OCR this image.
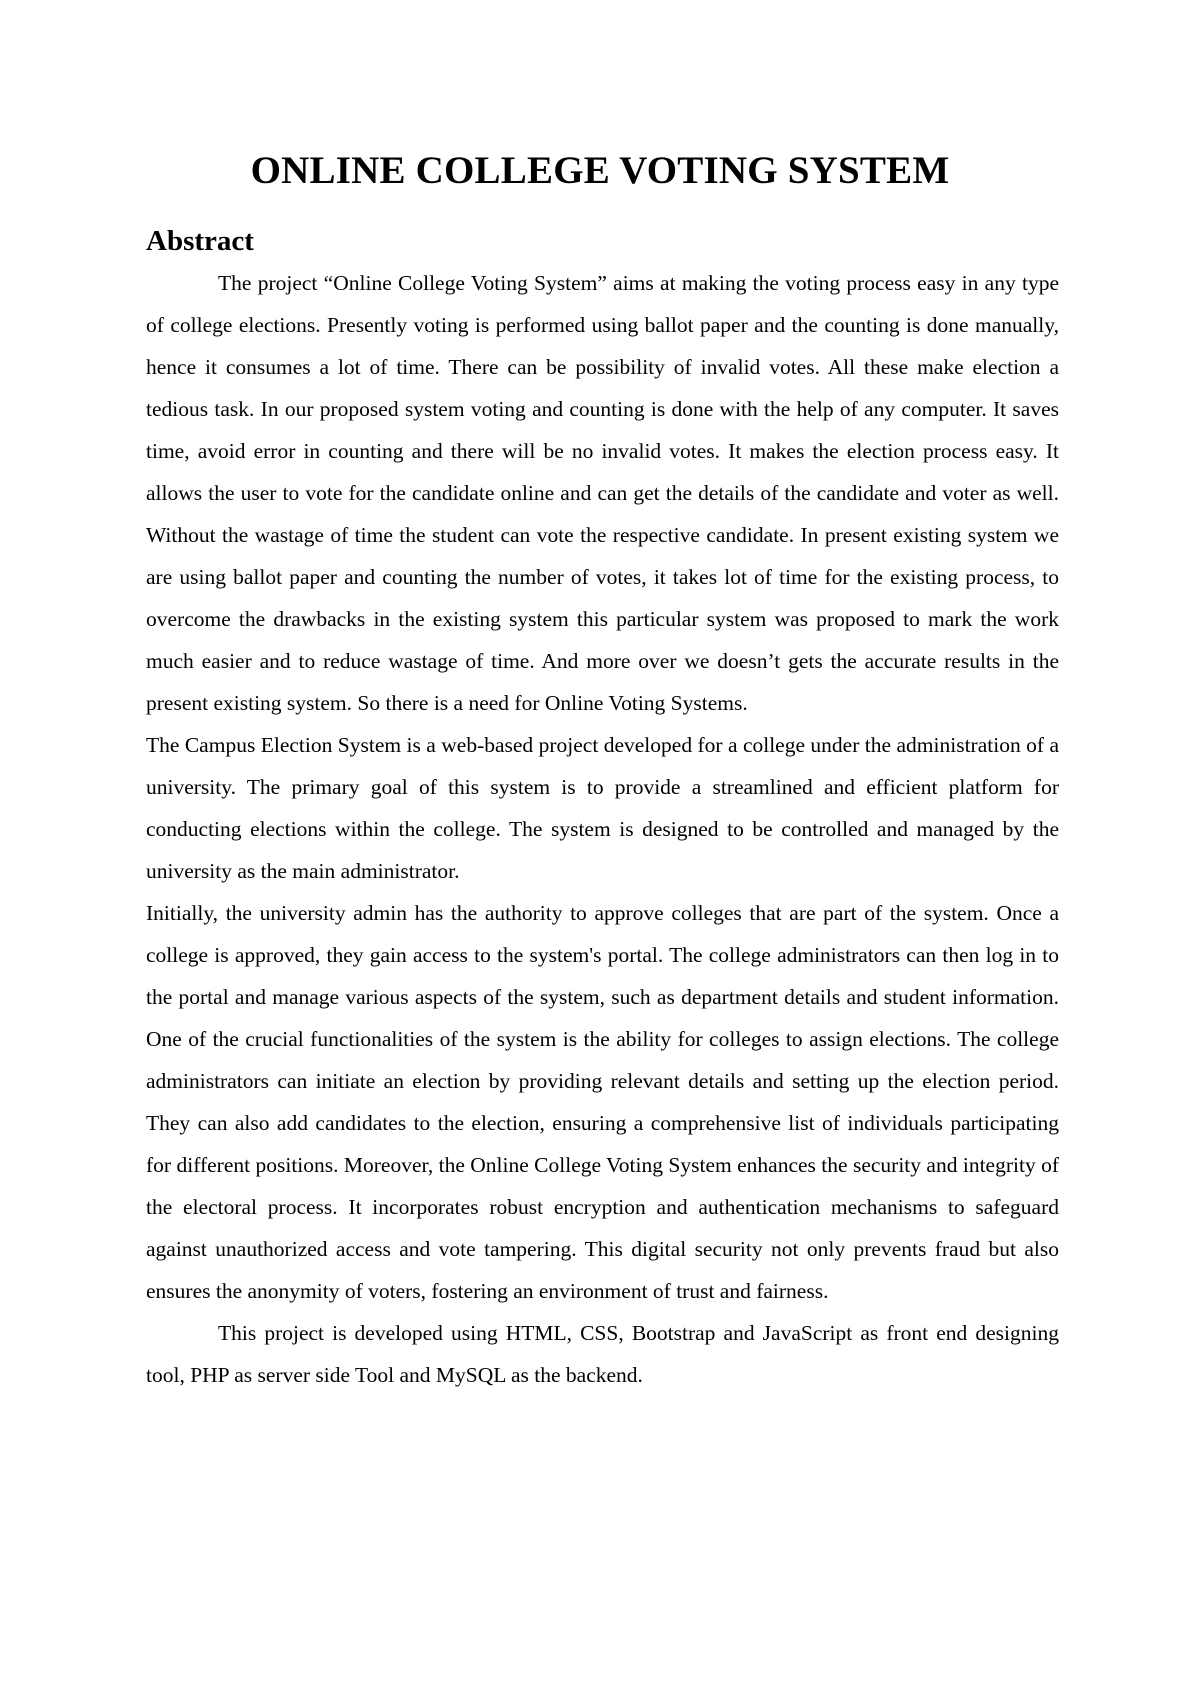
ONLINE COLLEGE VOTING SYSTEM
Abstract

The project “Online College Voting System” aims at making the voting process easy in any type of college elections. Presently voting is performed using ballot paper and the counting is done manually, hence it consumes a lot of time. There can be possibility of invalid votes. All these make election a tedious task. In our proposed system voting and counting is done with the help of any computer. It saves time, avoid error in counting and there will be no invalid votes. It makes the election process easy. It allows the user to vote for the candidate online and can get the details of the candidate and voter as well. Without the wastage of time the student can vote the respective candidate. In present existing system we are using ballot paper and counting the number of votes, it takes lot of time for the existing process, to overcome the drawbacks in the existing system this particular system was proposed to mark the work much easier and to reduce wastage of time. And more over we doesn’t gets the accurate results in the present existing system. So there is a need for Online Voting Systems.

The Campus Election System is a web-based project developed for a college under the administration of a university. The primary goal of this system is to provide a streamlined and efficient platform for conducting elections within the college. The system is designed to be controlled and managed by the university as the main administrator.

Initially, the university admin has the authority to approve colleges that are part of the system. Once a college is approved, they gain access to the system's portal. The college administrators can then log in to the portal and manage various aspects of the system, such as department details and student information. One of the crucial functionalities of the system is the ability for colleges to assign elections. The college administrators can initiate an election by providing relevant details and setting up the election period. They can also add candidates to the election, ensuring a comprehensive list of individuals participating for different positions. Moreover, the Online College Voting System enhances the security and integrity of the electoral process. It incorporates robust encryption and authentication mechanisms to safeguard against unauthorized access and vote tampering. This digital security not only prevents fraud but also ensures the anonymity of voters, fostering an environment of trust and fairness.

This project is developed using HTML, CSS, Bootstrap and JavaScript as front end designing tool, PHP as server side Tool and MySQL as the backend.
